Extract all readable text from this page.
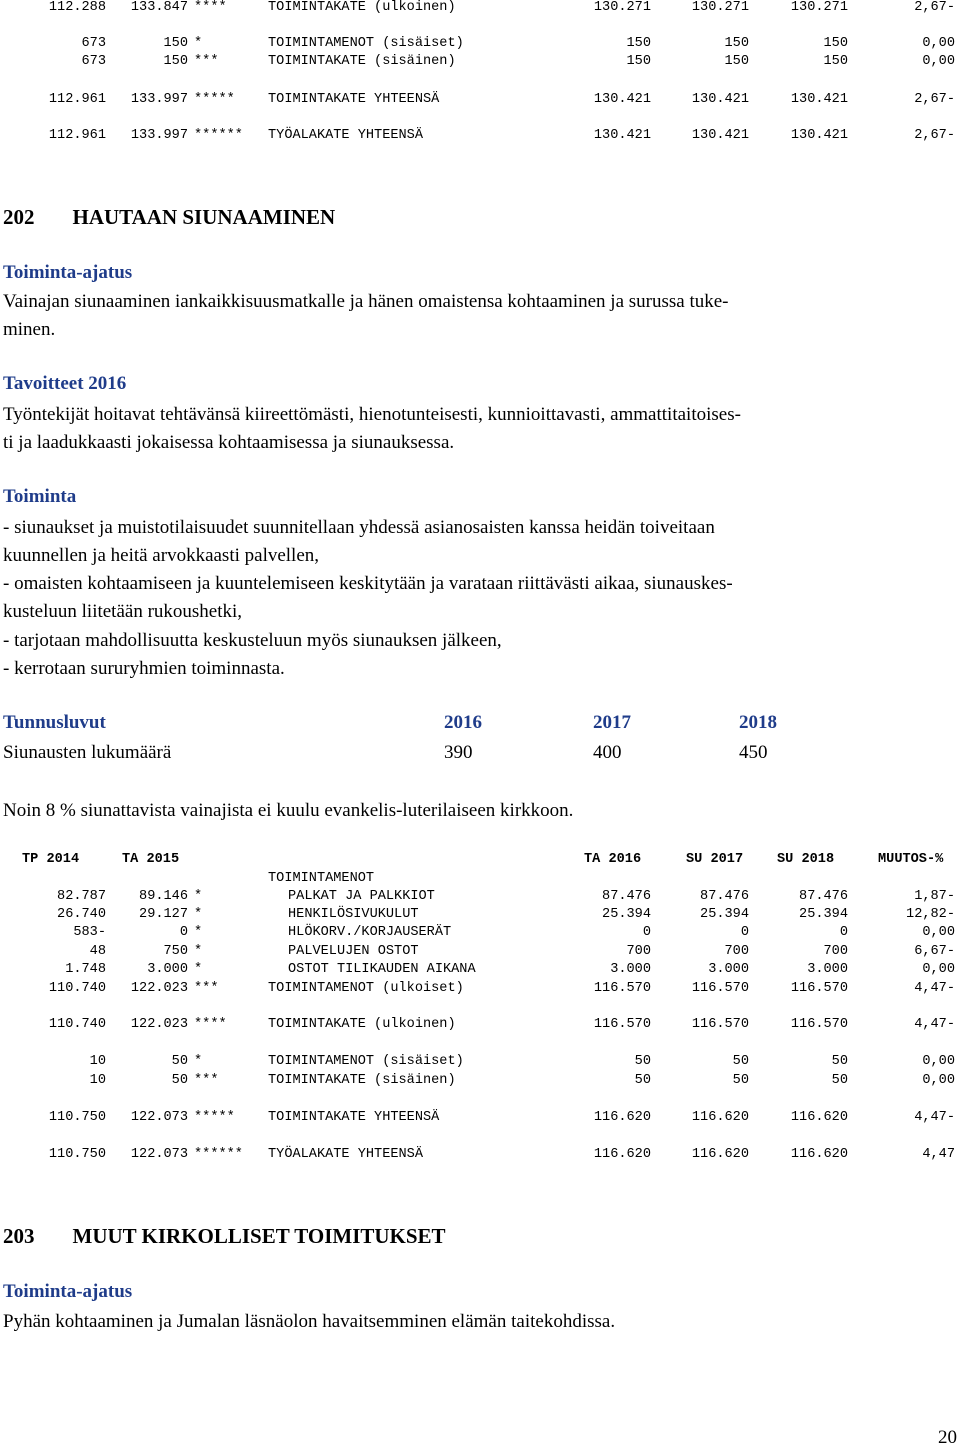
112.288 133.847 ****	TOIMINTAKATE (ulkoinen)	130.271	130.271	130.271	2,67-
673	150 *	TOIMINTAMENOT (sisäiset)	150	150	150	0,00
673	150 ***	TOIMINTAKATE (sisäinen)	150	150	150	0,00
112.961 133.997 ***** TOIMINTAKATE YHTEENSÄ	130.421	130.421	130.421	2,67-
112.961 133.997 ****** TYÖALAKATE YHTEENSÄ	130.421	130.421	130.421	2,67-
202 HAUTAAN SIUNAAMINEN
Toiminta-ajatus
Vainajan siunaaminen iankaikkisuusmatkalle ja hänen omaistensa kohtaaminen ja surussa tuke-
minen.
Tavoitteet 2016
Työntekijät hoitavat tehtävänsä kiireettömästi, hienotunteisesti, kunnioittavasti, ammattitaitoises-
ti ja laadukkaasti jokaisessa kohtaamisessa ja siunauksessa.
Toiminta
- siunaukset ja muistotilaisuudet suunnitellaan yhdessä asianosaisten kanssa heidän toiveitaan
kuunnellen ja heitä arvokkaasti palvellen,
- omaisten kohtaamiseen ja kuuntelemiseen keskitytään ja varataan riittävästi aikaa, siunauskes-
kusteluun liitetään rukoushetki,
- tarjotaan mahdollisuutta keskusteluun myös siunauksen jälkeen,
- kerrotaan sururyhmien toiminnasta.
Tunnusluvut	2016	2017	2018
Siunausten lukumäärä	390	400	450
Noin 8 % siunattavista vainajista ei kuulu evankelis-luterilaiseen kirkkoon.
TP 2014	TA 2015	TA 2016	SU 2017 SU 2018	MUUTOS-%
TOIMINTAMENOT
82.787 89.146 *	PALKAT JA PALKKIOT	87.476	87.476	87.476	1,87-
26.740 29.127 *	HENKILÖSIVUKULUT	25.394	25.394	25.394	12,82-
583-	0 *	HLÖKORV./KORJAUSERÄT	0	0	0	0,00
48	750 *	PALVELUJEN OSTOT	700	700	700	6,67-
1.748	3.000 *	OSTOT TILIKAUDEN AIKANA	3.000	3.000	3.000	0,00
110.740 122.023 ***	TOIMINTAMENOT (ulkoiset)	116.570	116.570	116.570	4,47-
110.740 122.023 ****	TOIMINTAKATE (ulkoinen)	116.570	116.570	116.570	4,47-
10	50 *	TOIMINTAMENOT (sisäiset)	50	50	50	0,00
10	50 ***	TOIMINTAKATE (sisäinen)	50	50	50	0,00
110.750 122.073 ***** TOIMINTAKATE YHTEENSÄ	116.620	116.620	116.620	4,47-
110.750 122.073 ****** TYÖALAKATE YHTEENSÄ	116.620	116.620	116.620	4,47
203 MUUT KIRKOLLISET TOIMITUKSET
Toiminta-ajatus
Pyhän kohtaaminen ja Jumalan läsnäolon havaitsemminen elämän taitekohdissa.
20
